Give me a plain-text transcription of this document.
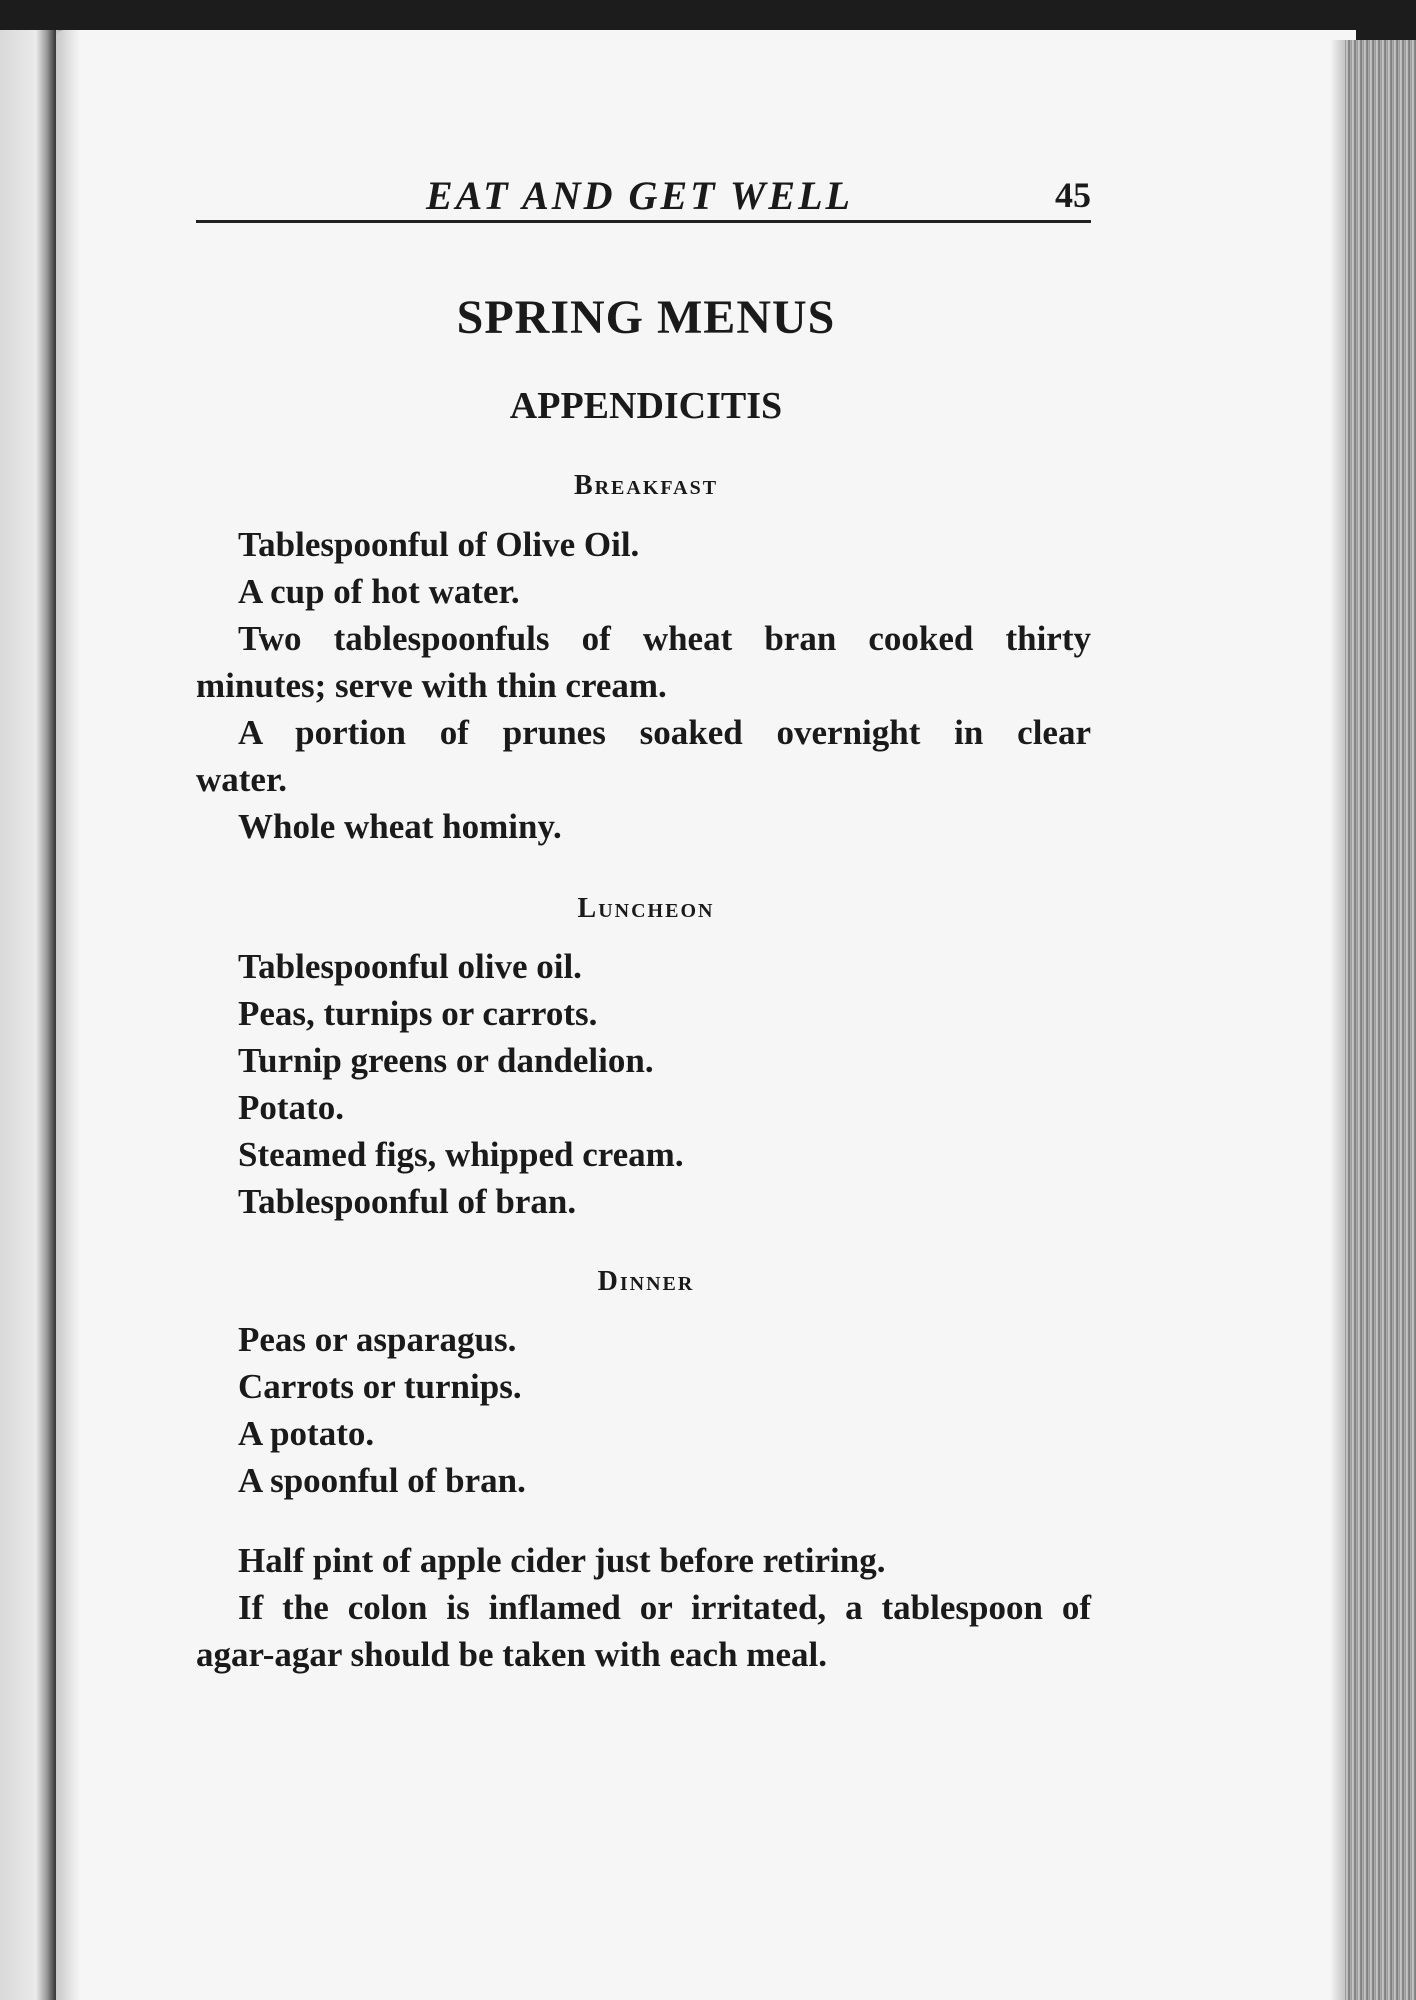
EAT AND GET WELL	45
SPRING MENUS
APPENDICITIS
Breakfast
Tablespoonful of Olive Oil.
A cup of hot water.
Two tablespoonfuls of wheat bran cooked thirty
minutes; serve with thin cream.
A portion of prunes soaked overnight in clear
water.
Whole wheat hominy.
Luncheon
Tablespoonful olive oil.
Peas, turnips or carrots.
Turnip greens or dandelion.
Potato.
Steamed figs, whipped cream.
Tablespoonful of bran.
Dinner
Peas or asparagus.
Carrots or turnips.
A potato.
A spoonful of bran.
Half pint of apple cider just before retiring.
If the colon is inflamed or irritated, a tablespoon of
agar-agar should be taken with each meal.
